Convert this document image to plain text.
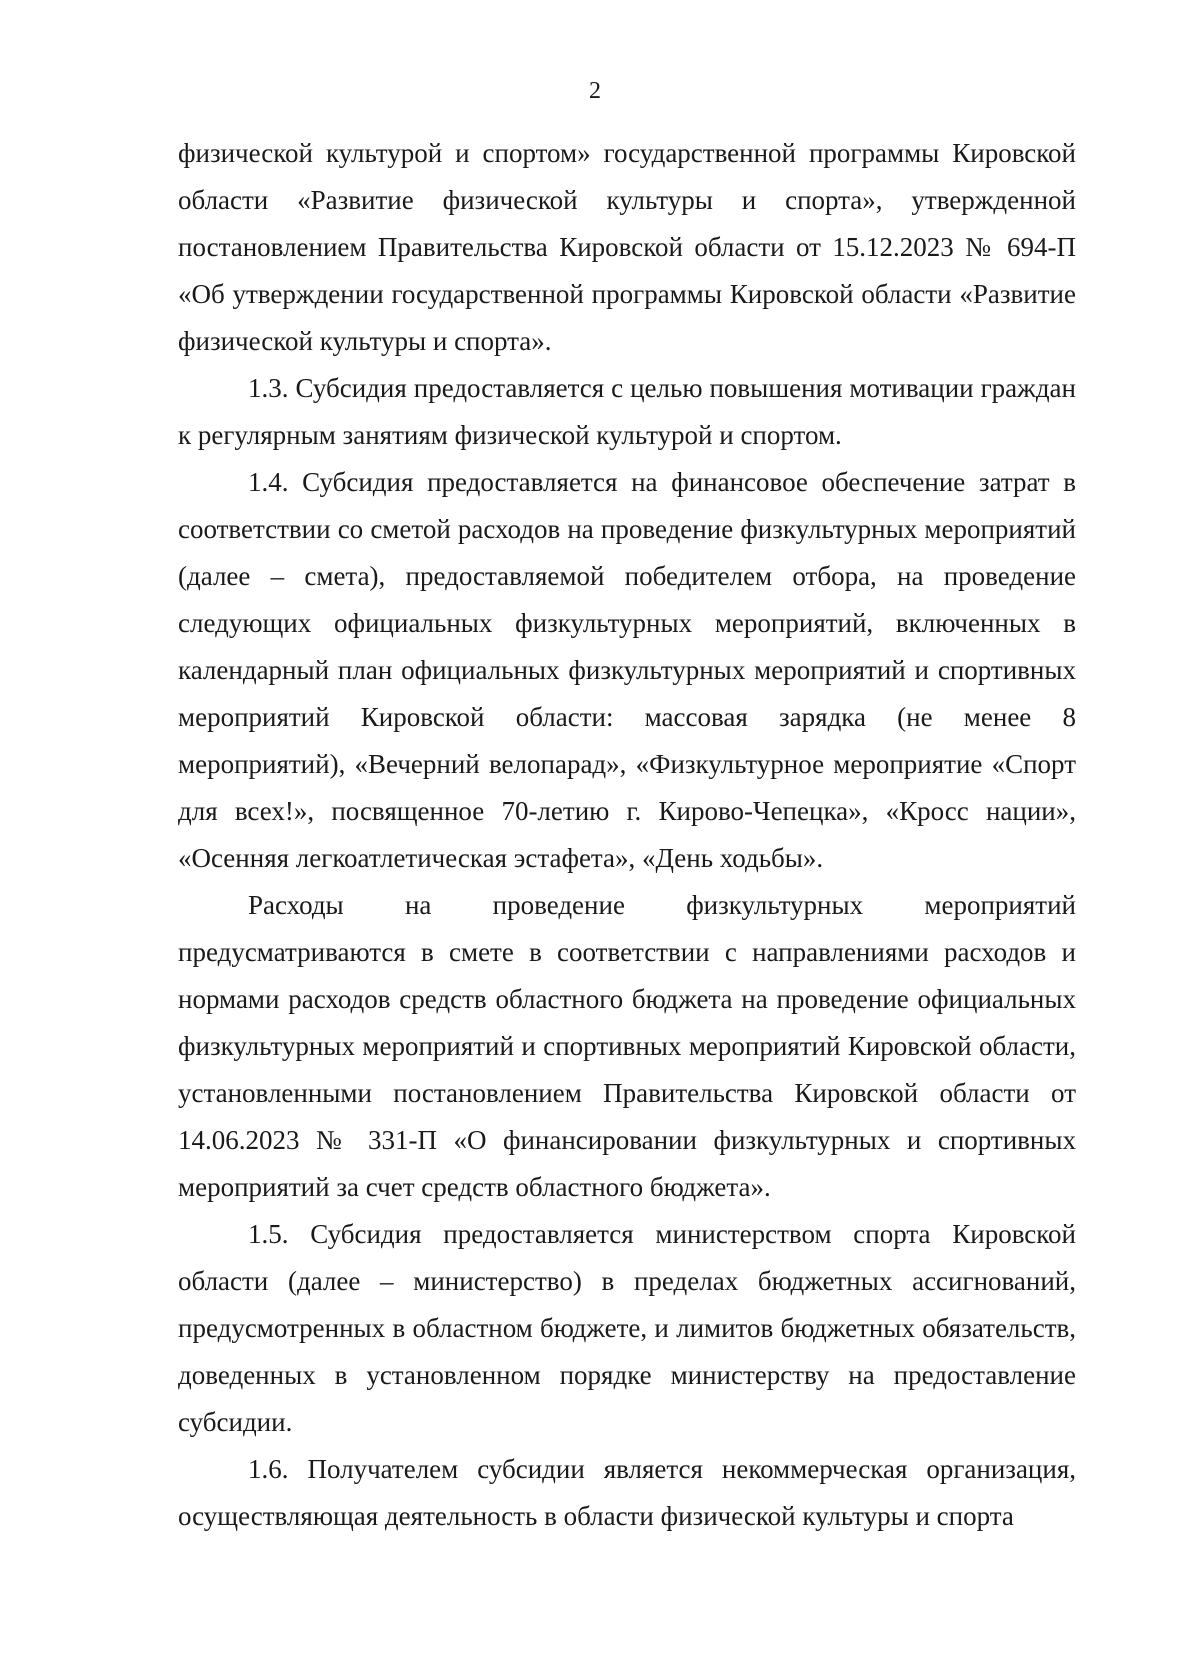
2

физической культурой и спортом» государственной программы Кировской области «Развитие физической культуры и спорта», утвержденной постановлением Правительства Кировской области от 15.12.2023 № 694-П «Об утверждении государственной программы Кировской области «Развитие физической культуры и спорта».

1.3. Субсидия предоставляется с целью повышения мотивации граждан к регулярным занятиям физической культурой и спортом.

1.4. Субсидия предоставляется на финансовое обеспечение затрат в соответствии со сметой расходов на проведение физкультурных мероприятий (далее – смета), предоставляемой победителем отбора, на проведение следующих официальных физкультурных мероприятий, включенных в календарный план официальных физкультурных мероприятий и спортивных мероприятий Кировской области: массовая зарядка (не менее 8 мероприятий), «Вечерний велопарад», «Физкультурное мероприятие «Спорт для всех!», посвященное 70-летию г. Кирово-Чепецка», «Кросс нации», «Осенняя легкоатлетическая эстафета», «День ходьбы».

Расходы на проведение физкультурных мероприятий предусматриваются в смете в соответствии с направлениями расходов и нормами расходов средств областного бюджета на проведение официальных физкультурных мероприятий и спортивных мероприятий Кировской области, установленными постановлением Правительства Кировской области от 14.06.2023 № 331-П «О финансировании физкультурных и спортивных мероприятий за счет средств областного бюджета».

1.5. Субсидия предоставляется министерством спорта Кировской области (далее – министерство) в пределах бюджетных ассигнований, предусмотренных в областном бюджете, и лимитов бюджетных обязательств, доведенных в установленном порядке министерству на предоставление субсидии.

1.6. Получателем субсидии является некоммерческая организация, осуществляющая деятельность в области физической культуры и спорта
